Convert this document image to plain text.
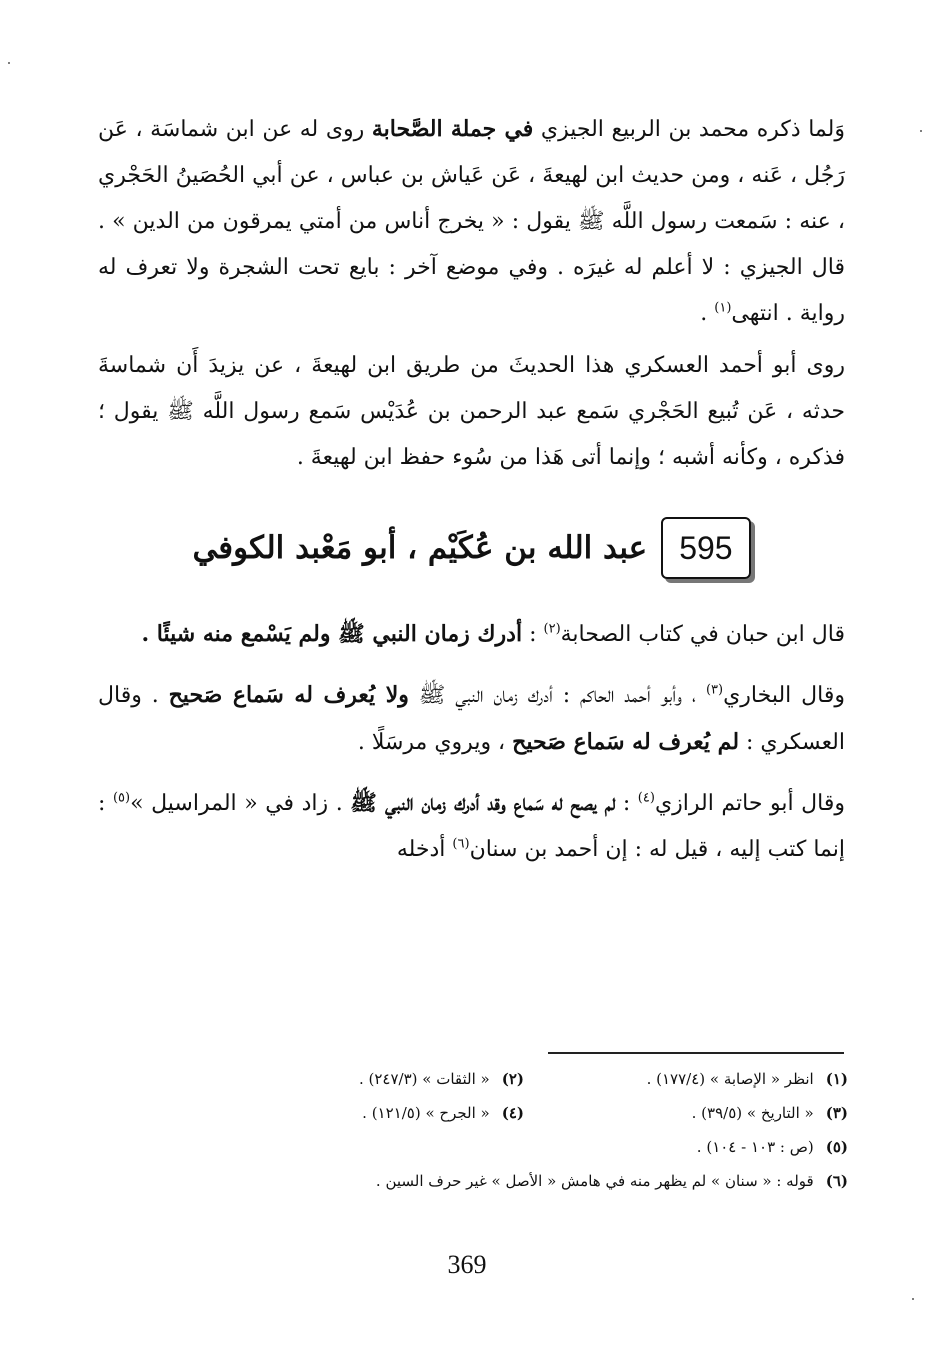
وَلما ذكره محمد بن الربيع الجيزي في جملة الصَّحابة روى له عن ابن شماسَة ، عَن رَجُل ، عَنه ، ومن حديث ابن لهيعةَ ، عَن عَياش بن عباس ، عن أبي الحُصَينُ الحَجْري ، عنه : سَمعت رسول اللَّه ﷺ يقول : « يخرج أناس من أمتي يمرقون من الدين » . قال الجيزي : لا أعلم له غيرَه . وفي موضع آخر : بايع تحت الشجرة ولا تعرف له رواية . انتهى$^{(١)}$ .

روى أبو أحمد العسكري هذا الحديثَ من طريق ابن لهيعةَ ، عن يزيدَ أَن شماسةَ حدثه ، عَن تُبيع الحَجْري سَمع عبد الرحمن بن عُدَيْس سَمع رسول اللَّه ﷺ يقول ؛ فذكره ، وكأنه أشبه ؛ وإنما أتى هَذا من سُوء حفظ ابن لهيعةَ .

595
عبد الله بن عُكَيْم ، أبو مَعْبد الكوفي

قال ابن حبان في كتاب الصحابة$^{(٢)}$ : أدرك زمان النبي ﷺ ولم يَسْمع منه شيئًا .

وقال البخاري$^{(٣)}$ ، وأبو أحمد الحاكم : أدرك زمان النبي ﷺ ولا يُعرف له سَماع صَحيح . وقال العسكري : لم يُعرف له سَماع صَحيح ، ويروي مرسَلًا .

وقال أبو حاتم الرازي$^{(٤)}$ : لم يصح له سَماع وقد أدرك زمان النبي ﷺ . زاد في « المراسيل »$^{(٥)}$ : إنما كتب إليه ، قيل له : إن أحمد بن سنان$^{(٦)}$ أدخله

(١)انظر « الإصابة » (١٧٧/٤) .
(٢)« الثقات » (٢٤٧/٣) .
(٣)« التاريخ » (٣٩/٥) .
(٤)« الجرح » (١٢١/٥) .
(٥)(ص : ١٠٣ - ١٠٤) .
(٦)قوله : « سنان » لم يظهر منه في هامش « الأصل » غير حرف السين .
369
